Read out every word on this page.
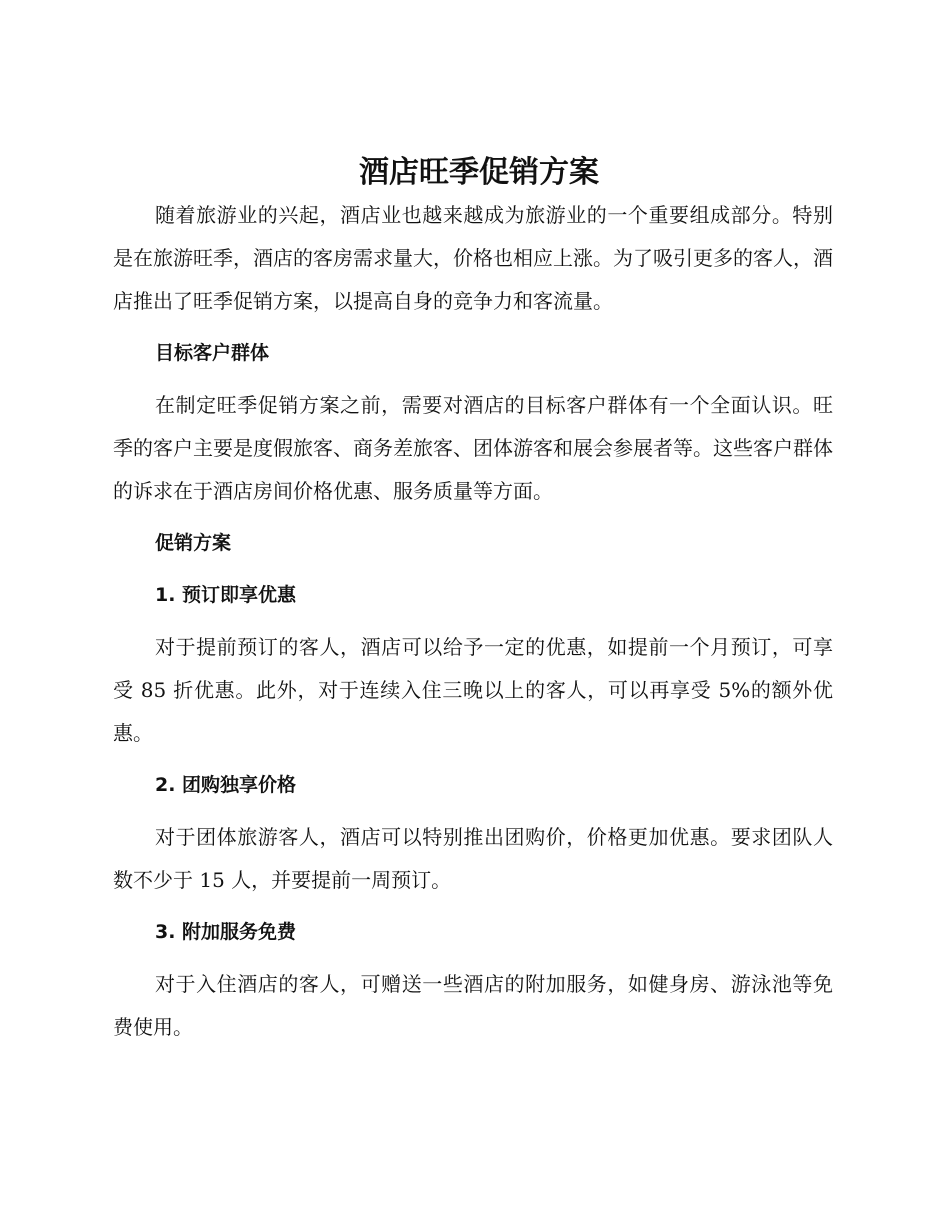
酒店旺季促销方案

随着旅游业的兴起，酒店业也越来越成为旅游业的一个重要组成部分。特别是在旅游旺季，酒店的客房需求量大，价格也相应上涨。为了吸引更多的客人，酒店推出了旺季促销方案，以提高自身的竞争力和客流量。

目标客户群体

在制定旺季促销方案之前，需要对酒店的目标客户群体有一个全面认识。旺季的客户主要是度假旅客、商务差旅客、团体游客和展会参展者等。这些客户群体的诉求在于酒店房间价格优惠、服务质量等方面。

促销方案
1. 预订即享优惠

对于提前预订的客人，酒店可以给予一定的优惠，如提前一个月预订，可享受 85 折优惠。此外，对于连续入住三晚以上的客人，可以再享受 5%的额外优惠。

2. 团购独享价格

对于团体旅游客人，酒店可以特别推出团购价，价格更加优惠。要求团队人数不少于 15 人，并要提前一周预订。

3. 附加服务免费

对于入住酒店的客人，可赠送一些酒店的附加服务，如健身房、游泳池等免费使用。
